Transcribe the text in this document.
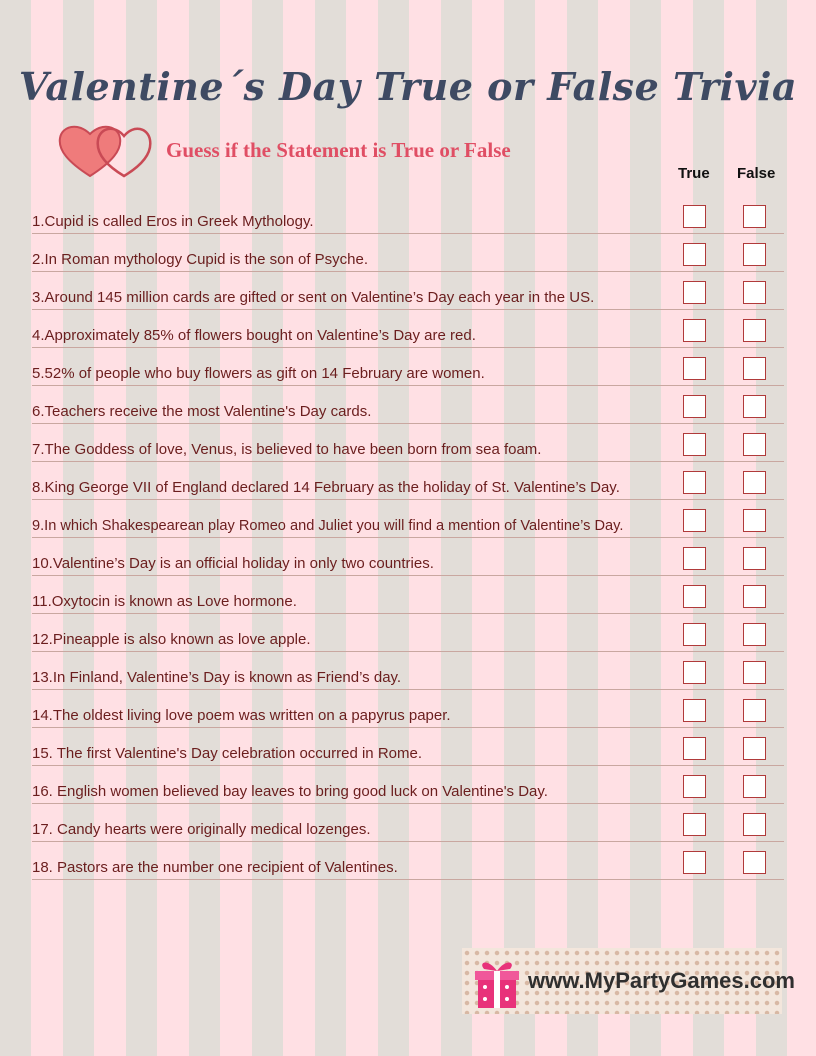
Valentine´s Day True or False Trivia
Guess if the Statement is True or False
True False
1.Cupid is called Eros in Greek Mythology.
2.In Roman mythology Cupid is the son of Psyche.
3.Around 145 million cards are gifted or sent on Valentine’s Day each year in the US.
4.Approximately 85% of flowers bought on Valentine’s Day are red.
5.52% of people who buy flowers as gift on 14 February are women.
6.Teachers receive the most Valentine's Day cards.
7.The Goddess of love, Venus, is believed to have been born from sea foam.
8.King George VII of England declared 14 February as the holiday of St. Valentine’s Day.
9.In which Shakespearean play Romeo and Juliet you will find a mention of Valentine’s Day.
10.Valentine’s Day is an official holiday in only two countries.
11.Oxytocin is known as Love hormone.
12.Pineapple is also known as love apple.
13.In Finland, Valentine’s Day is known as Friend’s day.
14.The oldest living love poem was written on a papyrus paper.
15. The first Valentine's Day celebration occurred in Rome.
16. English women believed bay leaves to bring good luck on Valentine's Day.
17. Candy hearts were originally medical lozenges.
18. Pastors are the number one recipient of Valentines.
www.MyPartyGames.com
